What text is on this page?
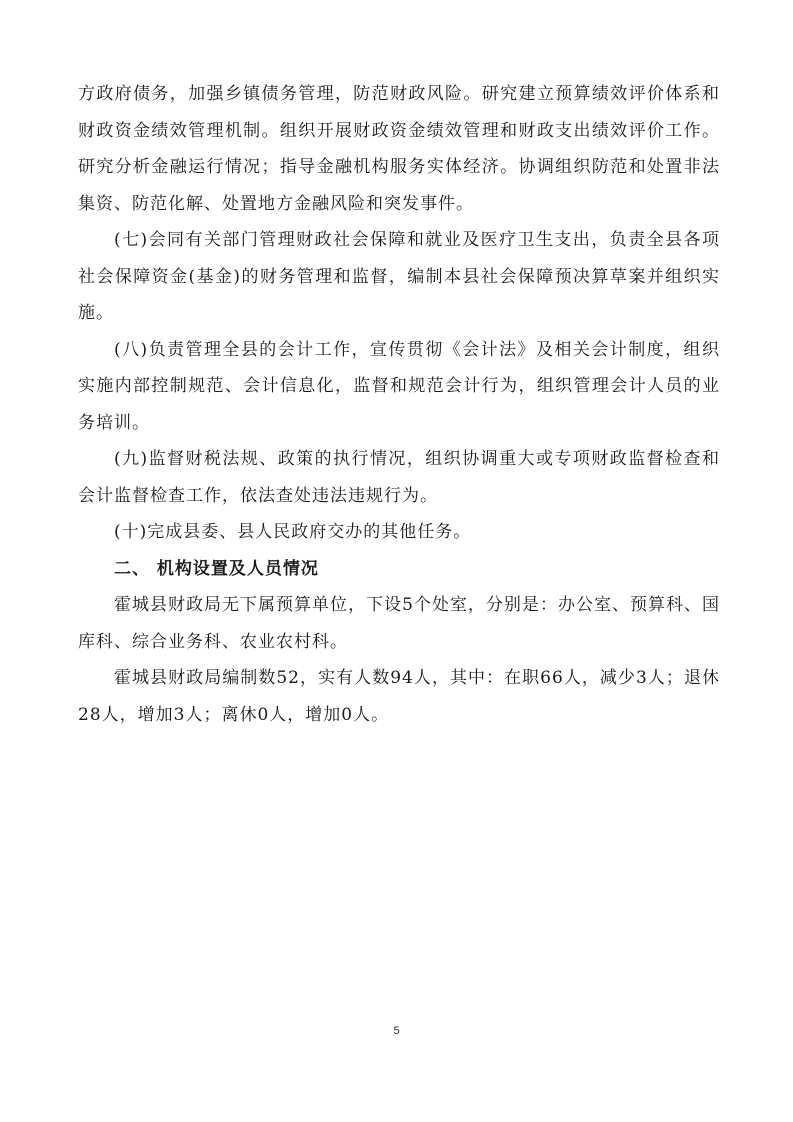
方政府债务，加强乡镇债务管理，防范财政风险。研究建立预算绩效评价体系和财政资金绩效管理机制。组织开展财政资金绩效管理和财政支出绩效评价工作。研究分析金融运行情况；指导金融机构服务实体经济。协调组织防范和处置非法集资、防范化解、处置地方金融风险和突发事件。

(七)会同有关部门管理财政社会保障和就业及医疗卫生支出，负责全县各项社会保障资金(基金)的财务管理和监督，编制本县社会保障预决算草案并组织实施。

(八)负责管理全县的会计工作，宣传贯彻《会计法》及相关会计制度，组织实施内部控制规范、会计信息化，监督和规范会计行为，组织管理会计人员的业务培训。

(九)监督财税法规、政策的执行情况，组织协调重大或专项财政监督检查和会计监督检查工作，依法查处违法违规行为。

(十)完成县委、县人民政府交办的其他任务。

二、 机构设置及人员情况

霍城县财政局无下属预算单位，下设5个处室，分别是：办公室、预算科、国库科、综合业务科、农业农村科。

霍城县财政局编制数52，实有人数94人，其中：在职66人，减少3人；退休28人，增加3人；离休0人，增加0人。

5
